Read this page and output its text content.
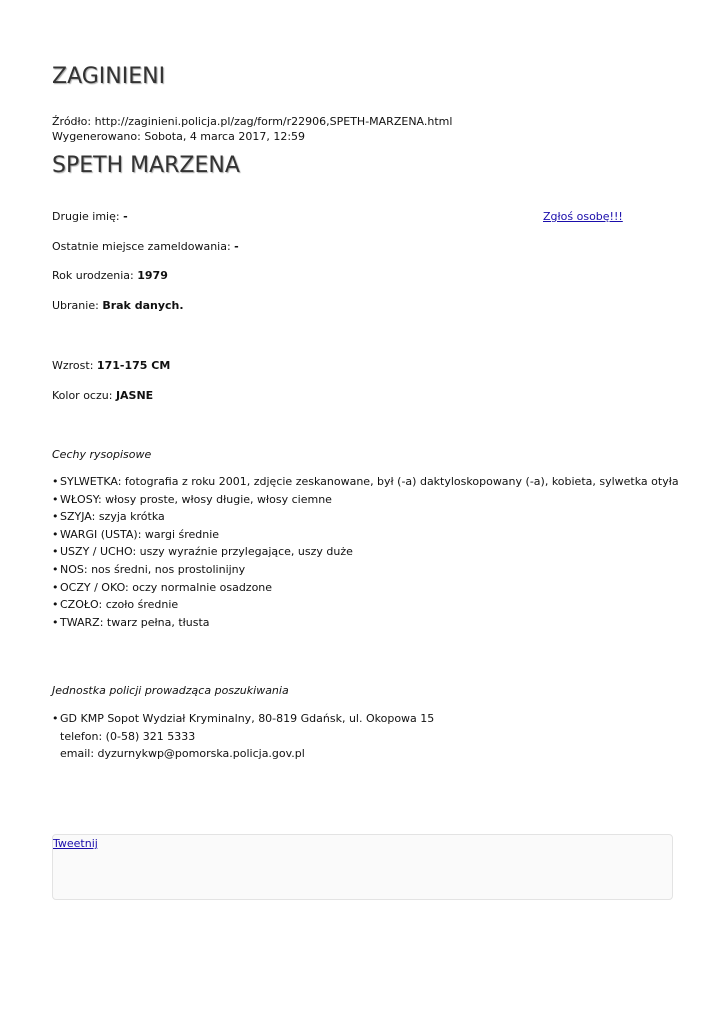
ZAGINIENI
Źródło: http://zaginieni.policja.pl/zag/form/r22906,SPETH-MARZENA.html
Wygenerowano: Sobota, 4 marca 2017, 12:59
SPETH MARZENA
Zgłoś osobę!!!
Drugie imię: -
Ostatnie miejsce zameldowania: -
Rok urodzenia: 1979
Ubranie: Brak danych.
Wzrost: 171-175 CM
Kolor oczu: JASNE
Cechy rysopisowe
• SYLWETKA: fotografia z roku 2001, zdjęcie zeskanowane, był (-a) daktyloskopowany (-a), kobieta, sylwetka otyła
• WŁOSY: włosy proste, włosy długie, włosy ciemne
• SZYJA: szyja krótka
• WARGI (USTA): wargi średnie
• USZY / UCHO: uszy wyraźnie przylegające, uszy duże
• NOS: nos średni, nos prostolinijny
• OCZY / OKO: oczy normalnie osadzone
• CZOŁO: czoło średnie
• TWARZ: twarz pełna, tłusta
Jednostka policji prowadząca poszukiwania
• GD KMP Sopot Wydział Kryminalny, 80-819 Gdańsk, ul. Okopowa 15
telefon: (0-58) 321 5333
email: dyzurnykwp@pomorska.policja.gov.pl
Tweetnij
